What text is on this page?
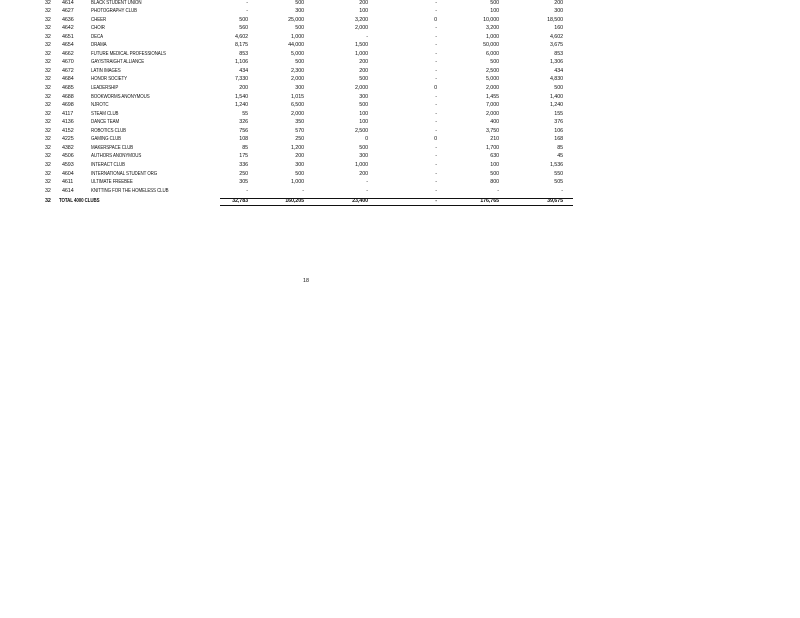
32	4614	BLACK STUDENT UNION	-	500	200	-	500	200
32	4627	PHOTOGRAPHY CLUB	-	300	100	-	100	300
32	4636	CHEER	500	25,000	3,200	0	10,000	18,500
32	4642	CHOIR	560	500	2,000	-	3,200	160
32	4651	DECA	4,602	1,000	-	-	1,000	4,602
32	4654	DRAMA	8,175	44,000	1,500	-	50,000	3,675
32	4662	FUTURE MEDICAL PROFESSIONALS	853	5,000	1,000	-	6,000	853
32	4670	GAY/STRAIGHT ALLIANCE	1,106	500	200	-	500	1,306
32	4672	LATIN IMAGES	434	2,300	200	-	2,500	434
32	4684	HONOR SOCIETY	7,330	2,000	500	-	5,000	4,830
32	4685	LEADERSHIP	200	300	2,000	0	2,000	500
32	4688	BOOKWORMS ANONYMOUS	1,540	1,015	300	-	1,455	1,400
32	4698	NJROTC	1,240	6,500	500	-	7,000	1,240
32	4117	STEAM CLUB	55	2,000	100	-	2,000	155
32	4136	DANCE TEAM	326	350	100	-	400	376
32	4152	ROBOTICS CLUB	756	570	2,500	-	3,750	106
32	4225	GAMING CLUB	108	250	0	0	210	168
32	4382	MAKERSPACE CLUB	85	1,200	500	-	1,700	85
32	4506	AUTHORS ANONYMOUS	175	200	300	-	630	45
32	4593	INTERACT CLUB	336	300	1,000	-	100	1,536
32	4604	INTERNATIONAL STUDENT ORG	250	500	200	-	500	550
32	4611	ULTIMATE FREEBEE	305	1,000	-	-	800	505
32	4614	KNITTING FOR THE HOMELESS CLUB	-	-	-	-	-	-
32	TOTAL 4000 CLUBS	32,783	160,205	23,400	-	176,765	39,675
18
